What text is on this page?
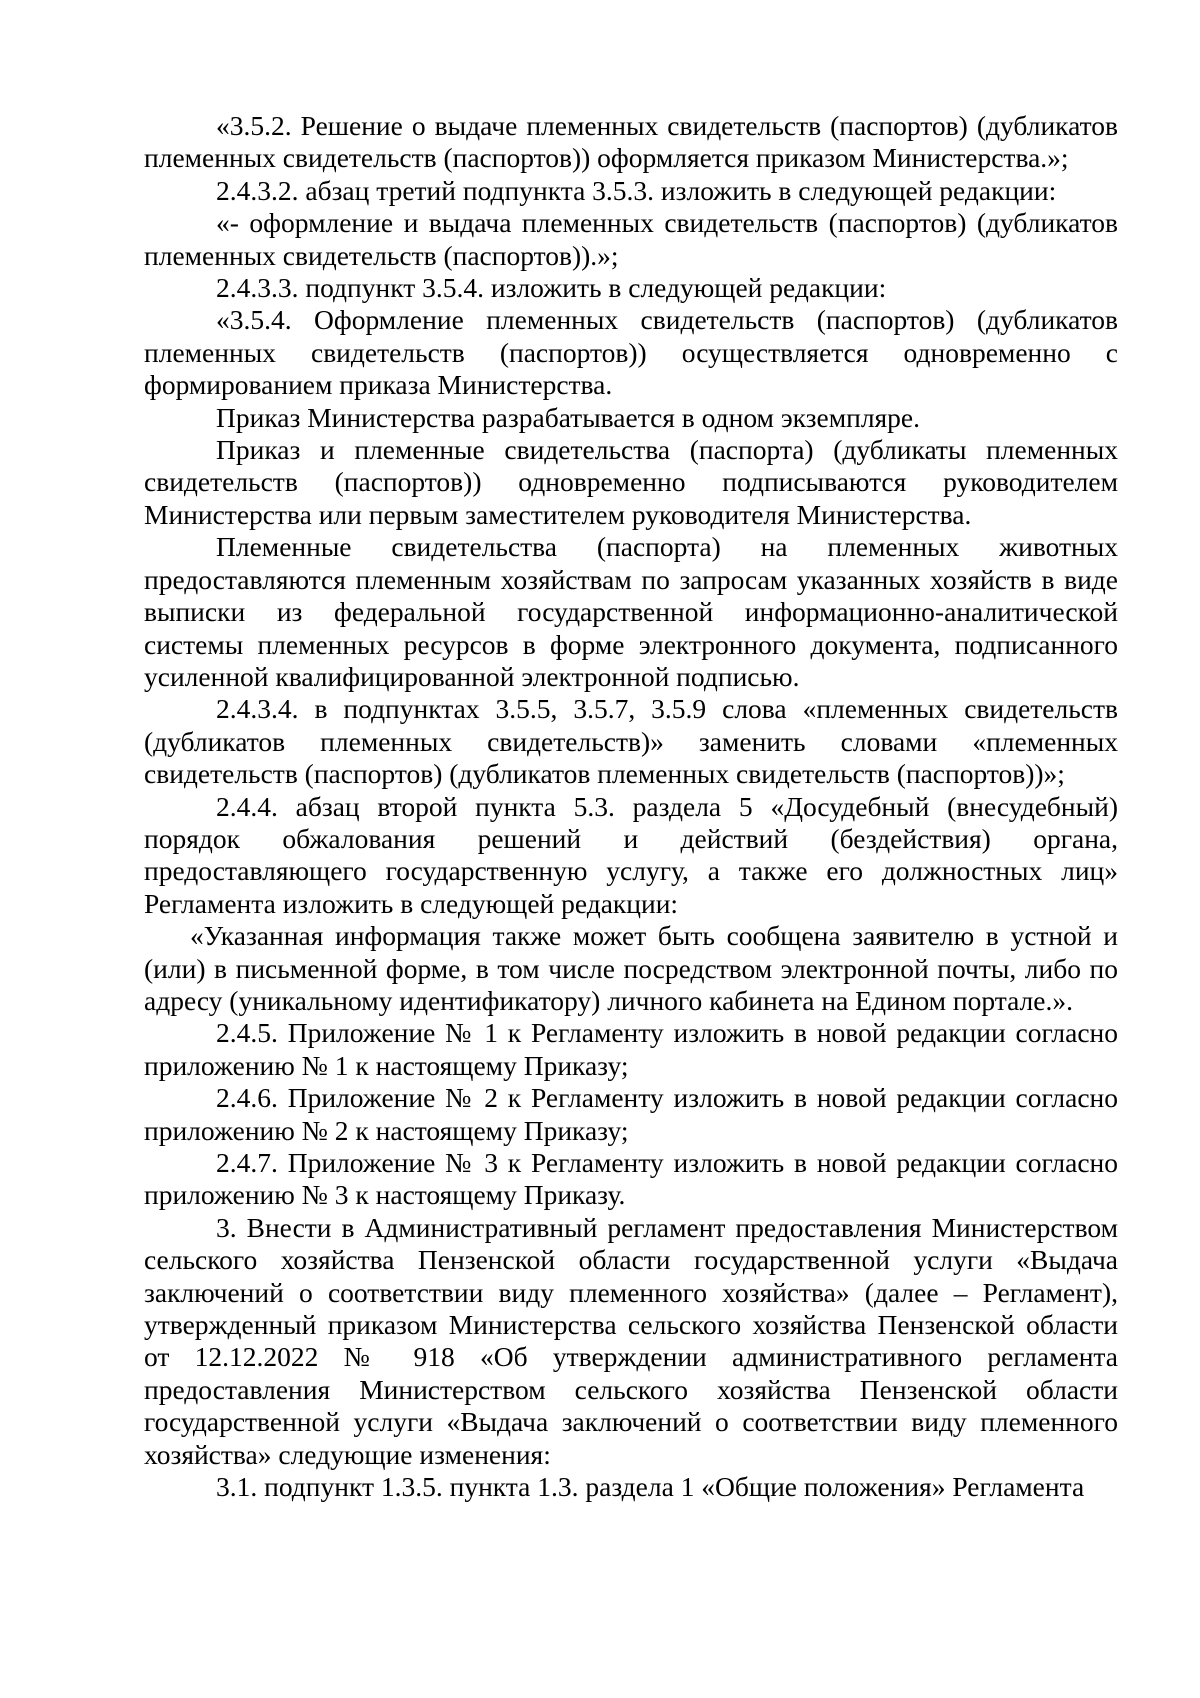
«3.5.2. Решение о выдаче племенных свидетельств (паспортов) (дубликатов племенных свидетельств (паспортов)) оформляется приказом Министерства.»;

2.4.3.2. абзац третий подпункта 3.5.3. изложить в следующей редакции:

«- оформление и выдача племенных свидетельств (паспортов) (дубликатов племенных свидетельств (паспортов)).»;

2.4.3.3. подпункт 3.5.4. изложить в следующей редакции:

«3.5.4. Оформление племенных свидетельств (паспортов) (дубликатов племенных свидетельств (паспортов)) осуществляется одновременно с формированием приказа Министерства.

Приказ Министерства разрабатывается в одном экземпляре.

Приказ и племенные свидетельства (паспорта) (дубликаты племенных свидетельств (паспортов)) одновременно подписываются руководителем Министерства или первым заместителем руководителя Министерства.

Племенные свидетельства (паспорта) на племенных животных предоставляются племенным хозяйствам по запросам указанных хозяйств в виде выписки из федеральной государственной информационно-аналитической системы племенных ресурсов в форме электронного документа, подписанного усиленной квалифицированной электронной подписью.

2.4.3.4. в подпунктах 3.5.5, 3.5.7, 3.5.9 слова «племенных свидетельств (дубликатов племенных свидетельств)» заменить словами «племенных свидетельств (паспортов) (дубликатов племенных свидетельств (паспортов))»;

2.4.4. абзац второй пункта 5.3. раздела 5 «Досудебный (внесудебный) порядок обжалования решений и действий (бездействия) органа, предоставляющего государственную услугу, а также его должностных лиц» Регламента изложить в следующей редакции:

«Указанная информация также может быть сообщена заявителю в устной и (или) в письменной форме, в том числе посредством электронной почты, либо по адресу (уникальному идентификатору) личного кабинета на Едином портале.».

2.4.5. Приложение № 1 к Регламенту изложить в новой редакции согласно приложению № 1 к настоящему Приказу;

2.4.6. Приложение № 2 к Регламенту изложить в новой редакции согласно приложению № 2 к настоящему Приказу;

2.4.7. Приложение № 3 к Регламенту изложить в новой редакции согласно приложению № 3 к настоящему Приказу.

3. Внести в Административный регламент предоставления Министерством сельского хозяйства Пензенской области государственной услуги «Выдача заключений о соответствии виду племенного хозяйства» (далее – Регламент), утвержденный приказом Министерства сельского хозяйства Пензенской области от 12.12.2022 № 918 «Об утверждении административного регламента предоставления Министерством сельского хозяйства Пензенской области государственной услуги «Выдача заключений о соответствии виду племенного хозяйства» следующие изменения:

3.1. подпункт 1.3.5. пункта 1.3. раздела 1 «Общие положения» Регламента
